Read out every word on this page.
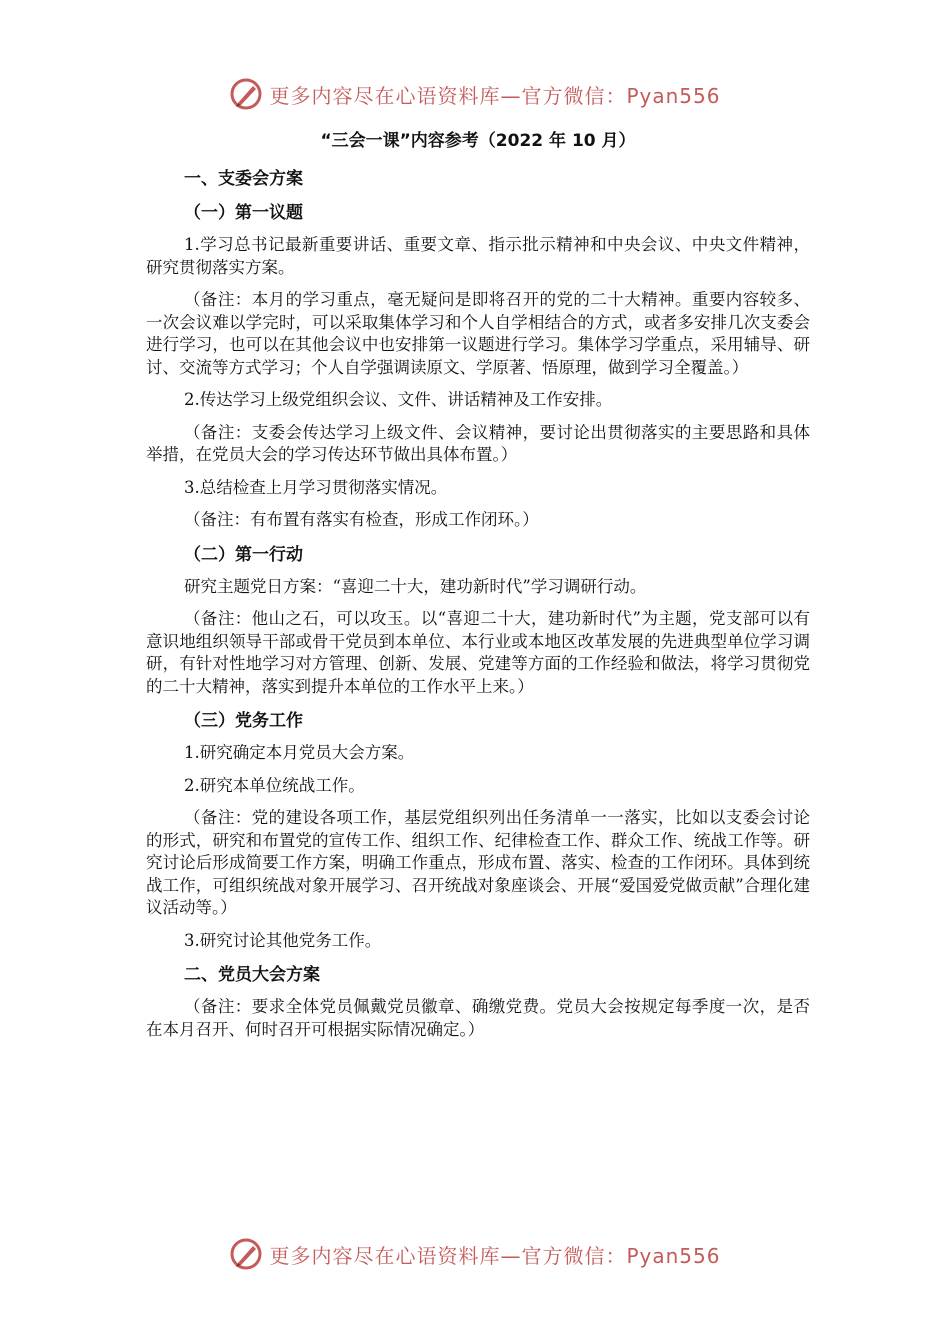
更多内容尽在心语资料库—官方微信：Pyan556
“三会一课”内容参考（2022 年 10 月）
一、支委会方案
（一）第一议题

1.学习总书记最新重要讲话、重要文章、指示批示精神和中央会议、中央文件精神，研究贯彻落实方案。

（备注：本月的学习重点，毫无疑问是即将召开的党的二十大精神。重要内容较多、一次会议难以学完时，可以采取集体学习和个人自学相结合的方式，或者多安排几次支委会进行学习，也可以在其他会议中也安排第一议题进行学习。集体学习学重点，采用辅导、研讨、交流等方式学习；个人自学强调读原文、学原著、悟原理，做到学习全覆盖。）

2.传达学习上级党组织会议、文件、讲话精神及工作安排。

（备注：支委会传达学习上级文件、会议精神，要讨论出贯彻落实的主要思路和具体举措，在党员大会的学习传达环节做出具体布置。）

3.总结检查上月学习贯彻落实情况。

（备注：有布置有落实有检查，形成工作闭环。）

（二）第一行动

研究主题党日方案：“喜迎二十大，建功新时代”学习调研行动。

（备注：他山之石，可以攻玉。以“喜迎二十大，建功新时代”为主题，党支部可以有意识地组织领导干部或骨干党员到本单位、本行业或本地区改革发展的先进典型单位学习调研，有针对性地学习对方管理、创新、发展、党建等方面的工作经验和做法，将学习贯彻党的二十大精神，落实到提升本单位的工作水平上来。）

（三）党务工作

1.研究确定本月党员大会方案。

2.研究本单位统战工作。

（备注：党的建设各项工作，基层党组织列出任务清单一一落实，比如以支委会讨论的形式，研究和布置党的宣传工作、组织工作、纪律检查工作、群众工作、统战工作等。研究讨论后形成简要工作方案，明确工作重点，形成布置、落实、检查的工作闭环。具体到统战工作，可组织统战对象开展学习、召开统战对象座谈会、开展“爱国爱党做贡献”合理化建议活动等。）

3.研究讨论其他党务工作。

二、党员大会方案

（备注：要求全体党员佩戴党员徽章、确缴党费。党员大会按规定每季度一次，是否在本月召开、何时召开可根据实际情况确定。）

更多内容尽在心语资料库—官方微信：Pyan556
